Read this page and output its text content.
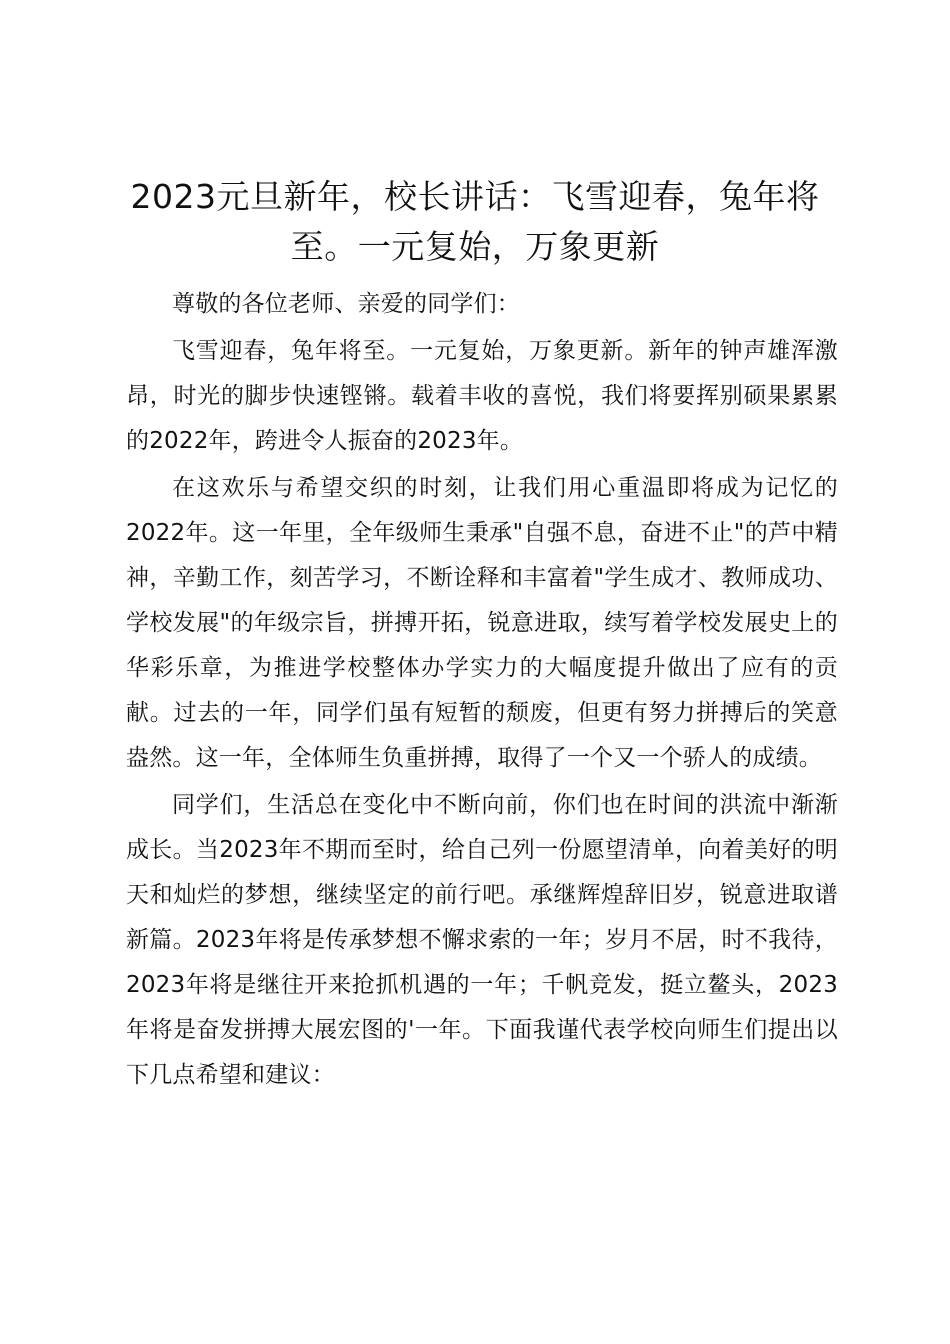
2023元旦新年，校长讲话：飞雪迎春，兔年将至。一元复始，万象更新

尊敬的各位老师、亲爱的同学们：

飞雪迎春，兔年将至。一元复始，万象更新。新年的钟声雄浑激昂，时光的脚步快速铿锵。载着丰收的喜悦，我们将要挥别硕果累累的2022年，跨进令人振奋的2023年。

在这欢乐与希望交织的时刻，让我们用心重温即将成为记忆的2022年。这一年里，全年级师生秉承"自强不息，奋进不止"的芦中精神，辛勤工作，刻苦学习，不断诠释和丰富着"学生成才、教师成功、学校发展"的年级宗旨，拼搏开拓，锐意进取，续写着学校发展史上的华彩乐章，为推进学校整体办学实力的大幅度提升做出了应有的贡献。过去的一年，同学们虽有短暂的颓废，但更有努力拼搏后的笑意盎然。这一年，全体师生负重拼搏，取得了一个又一个骄人的成绩。

同学们，生活总在变化中不断向前，你们也在时间的洪流中渐渐成长。当2023年不期而至时，给自己列一份愿望清单，向着美好的明天和灿烂的梦想，继续坚定的前行吧。承继辉煌辞旧岁，锐意进取谱新篇。2023年将是传承梦想不懈求索的一年；岁月不居，时不我待，2023年将是继往开来抢抓机遇的一年；千帆竞发，挺立鳌头，2023年将是奋发拼搏大展宏图的'一年。下面我谨代表学校向师生们提出以下几点希望和建议：
